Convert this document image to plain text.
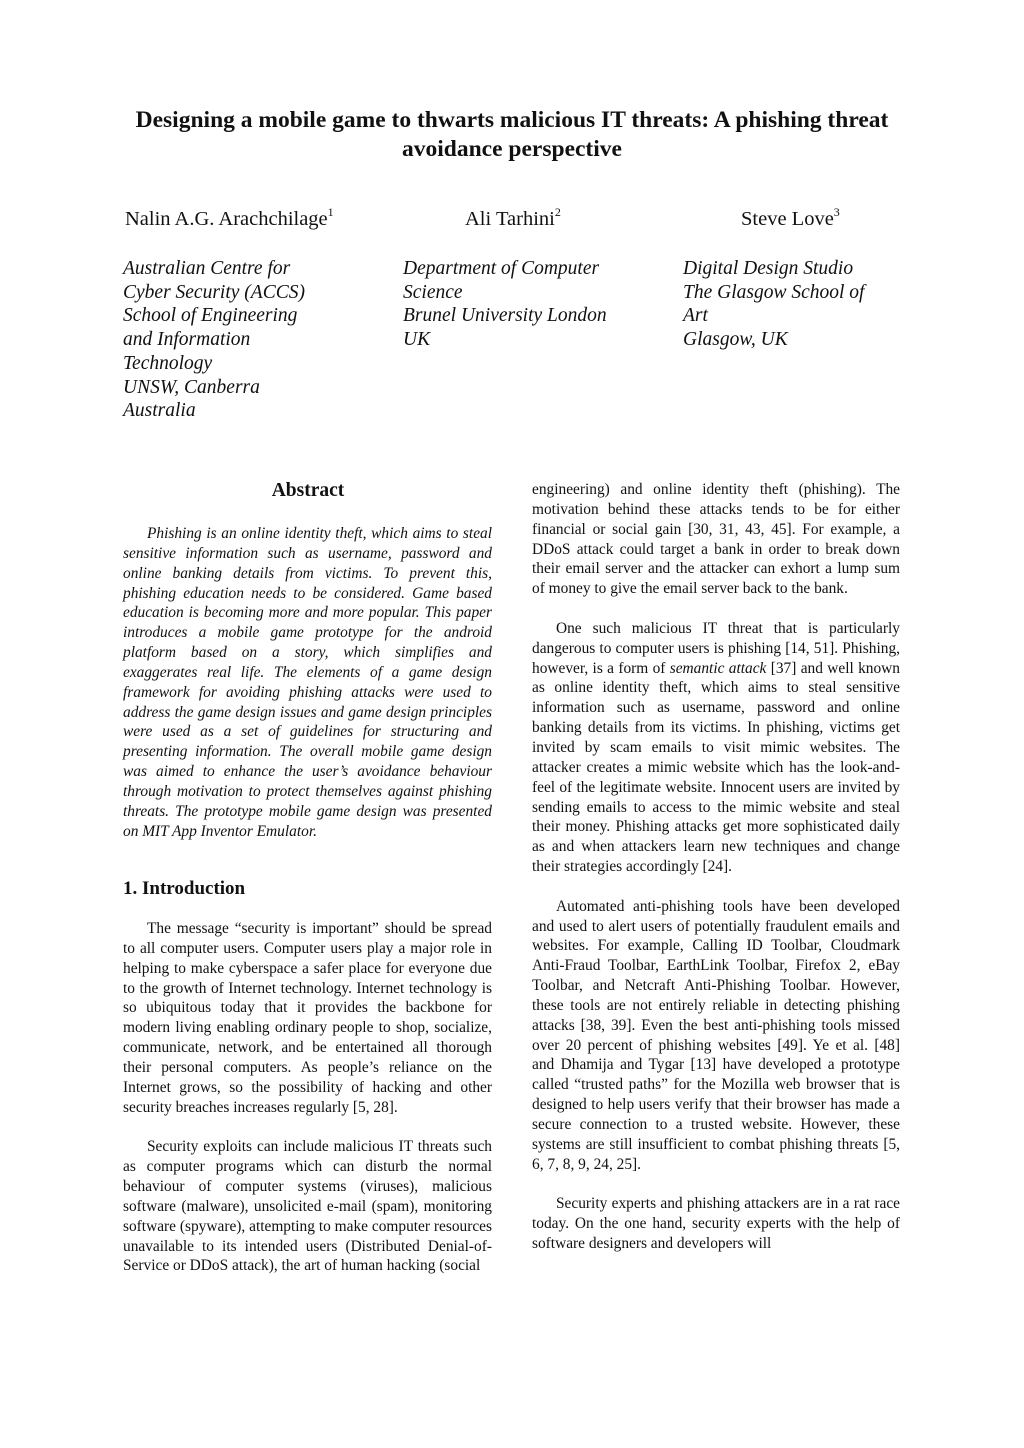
Designing a mobile game to thwarts malicious IT threats: A phishing threat avoidance perspective
Nalin A.G. Arachchilage$^1$	Ali Tarhini$^2$	Steve Love$^3$
Australian Centre for
Cyber Security (ACCS)
School of Engineering
and Information
Technology
UNSW, Canberra
Australia
Department of Computer
Science
Brunel University London
UK
Digital Design Studio
The Glasgow School of
Art
Glasgow, UK
Abstract

Phishing is an online identity theft, which aims to steal sensitive information such as username, password and online banking details from victims. To prevent this, phishing education needs to be considered. Game based education is becoming more and more popular. This paper introduces a mobile game prototype for the android platform based on a story, which simplifies and exaggerates real life. The elements of a game design framework for avoiding phishing attacks were used to address the game design issues and game design principles were used as a set of guidelines for structuring and presenting information. The overall mobile game design was aimed to enhance the user’s avoidance behaviour through motivation to protect themselves against phishing threats. The prototype mobile game design was presented on MIT App Inventor Emulator.

1. Introduction

The message “security is important” should be spread to all computer users. Computer users play a major role in helping to make cyberspace a safer place for everyone due to the growth of Internet technology. Internet technology is so ubiquitous today that it provides the backbone for modern living enabling ordinary people to shop, socialize, communicate, network, and be entertained all thorough their personal computers. As people’s reliance on the Internet grows, so the possibility of hacking and other security breaches increases regularly [5, 28].

Security exploits can include malicious IT threats such as computer programs which can disturb the normal behaviour of computer systems (viruses), malicious software (malware), unsolicited e-mail (spam), monitoring software (spyware), attempting to make computer resources unavailable to its intended users (Distributed Denial-of-Service or DDoS attack), the art of human hacking (social

engineering) and online identity theft (phishing). The motivation behind these attacks tends to be for either financial or social gain [30, 31, 43, 45]. For example, a DDoS attack could target a bank in order to break down their email server and the attacker can exhort a lump sum of money to give the email server back to the bank.

One such malicious IT threat that is particularly dangerous to computer users is phishing [14, 51]. Phishing, however, is a form of semantic attack [37] and well known as online identity theft, which aims to steal sensitive information such as username, password and online banking details from its victims. In phishing, victims get invited by scam emails to visit mimic websites. The attacker creates a mimic website which has the look-and-feel of the legitimate website. Innocent users are invited by sending emails to access to the mimic website and steal their money. Phishing attacks get more sophisticated daily as and when attackers learn new techniques and change their strategies accordingly [24].

Automated anti-phishing tools have been developed and used to alert users of potentially fraudulent emails and websites. For example, Calling ID Toolbar, Cloudmark Anti-Fraud Toolbar, EarthLink Toolbar, Firefox 2, eBay Toolbar, and Netcraft Anti-Phishing Toolbar. However, these tools are not entirely reliable in detecting phishing attacks [38, 39]. Even the best anti-phishing tools missed over 20 percent of phishing websites [49]. Ye et al. [48] and Dhamija and Tygar [13] have developed a prototype called “trusted paths” for the Mozilla web browser that is designed to help users verify that their browser has made a secure connection to a trusted website. However, these systems are still insufficient to combat phishing threats [5, 6, 7, 8, 9, 24, 25].

Security experts and phishing attackers are in a rat race today. On the one hand, security experts with the help of software designers and developers will
